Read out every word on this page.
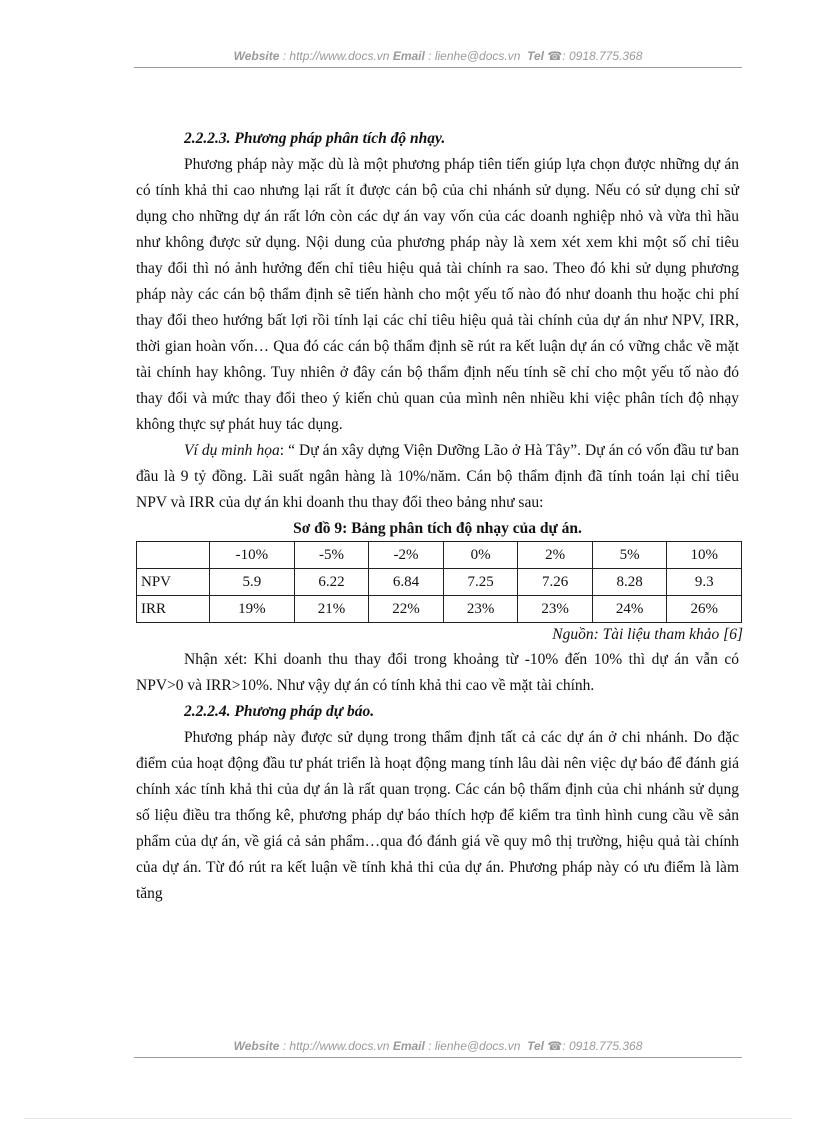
Website : http://www.docs.vn Email : lienhe@docs.vn Tel ☎: 0918.775.368

2.2.2.3. Phương pháp phân tích độ nhạy.

Phương pháp này mặc dù là một phương pháp tiên tiến giúp lựa chọn được những dự án có tính khả thi cao nhưng lại rất ít được cán bộ của chi nhánh sử dụng. Nếu có sử dụng chỉ sử dụng cho những dự án rất lớn còn các dự án vay vốn của các doanh nghiệp nhỏ và vừa thì hầu như không được sử dụng. Nội dung của phương pháp này là xem xét xem khi một số chỉ tiêu thay đổi thì nó ảnh hưởng đến chỉ tiêu hiệu quả tài chính ra sao. Theo đó khi sử dụng phương pháp này các cán bộ thẩm định sẽ tiến hành cho một yếu tố nào đó như doanh thu hoặc chi phí thay đổi theo hướng bất lợi rồi tính lại các chỉ tiêu hiệu quả tài chính của dự án như NPV, IRR, thời gian hoàn vốn… Qua đó các cán bộ thẩm định sẽ rút ra kết luận dự án có vững chắc về mặt tài chính hay không. Tuy nhiên ở đây cán bộ thẩm định nếu tính sẽ chỉ cho một yếu tố nào đó thay đổi và mức thay đổi theo ý kiến chủ quan của mình nên nhiều khi việc phân tích độ nhạy không thực sự phát huy tác dụng.

Ví dụ minh họa: “ Dự án xây dựng Viện Dưỡng Lão ở Hà Tây”. Dự án có vốn đầu tư ban đầu là 9 tỷ đồng. Lãi suất ngân hàng là 10%/năm. Cán bộ thẩm định đã tính toán lại chỉ tiêu NPV và IRR của dự án khi doanh thu thay đổi theo bảng như sau:

Sơ đồ 9: Bảng phân tích độ nhạy của dự án.
	-10%	-5%	-2%	0%	2%	5%	10%
NPV	5.9	6.22	6.84	7.25	7.26	8.28	9.3
IRR	19%	21%	22%	23%	23%	24%	26%
Nguồn: Tài liệu tham khảo [6]

Nhận xét: Khi doanh thu thay đổi trong khoảng từ -10% đến 10% thì dự án vẫn có NPV>0 và IRR>10%. Như vậy dự án có tính khả thi cao về mặt tài chính.

2.2.2.4. Phương pháp dự báo.

Phương pháp này được sử dụng trong thẩm định tất cả các dự án ở chi nhánh. Do đặc điểm của hoạt động đầu tư phát triển là hoạt động mang tính lâu dài nên việc dự báo để đánh giá chính xác tính khả thi của dự án là rất quan trọng. Các cán bộ thẩm định của chi nhánh sử dụng số liệu điều tra thống kê, phương pháp dự báo thích hợp để kiểm tra tình hình cung cầu về sản phẩm của dự án, về giá cả sản phẩm…qua đó đánh giá về quy mô thị trường, hiệu quả tài chính của dự án. Từ đó rút ra kết luận về tính khả thi của dự án. Phương pháp này có ưu điểm là làm tăng

Website : http://www.docs.vn Email : lienhe@docs.vn Tel ☎: 0918.775.368
